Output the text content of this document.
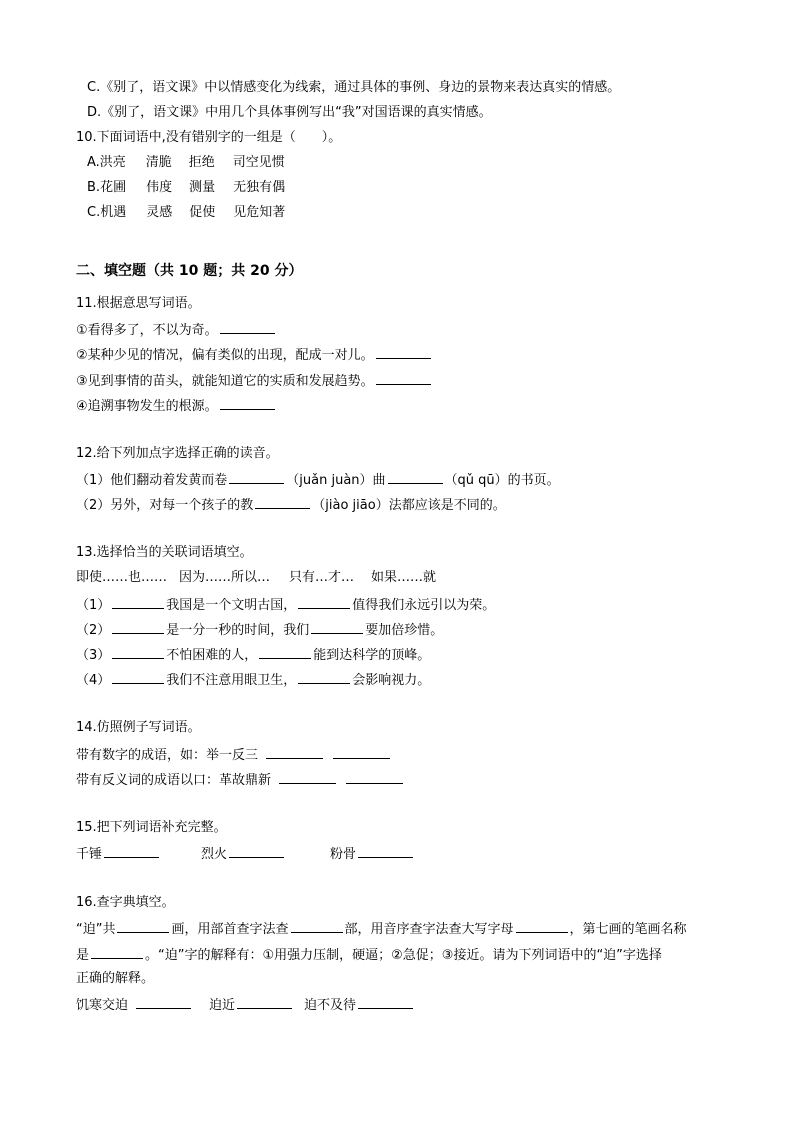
C.《别了，语文课》中以情感变化为线索，通过具体的事例、身边的景物来表达真实的情感。
D.《别了，语文课》中用几个具体事例写出“我”对国语课的真实情感。
10.下面词语中,没有错别字的一组是（　　）。
A.洪亮 清脆 拒绝 司空见惯
B.花圃 伟度 测量 无独有偶
C.机遇 灵感 促使 见危知著
二、填空题（共 10 题；共 20 分）
11.根据意思写词语。
①看得多了，不以为奇。
②某种少见的情况，偏有类似的出现，配成一对儿。
③见到事情的苗头，就能知道它的实质和发展趋势。
④追溯事物发生的根源。
12.给下列加点字选择正确的读音。
（1）他们翻动着发黄而卷	（juǎn juàn）曲	（qǔ qū）的书页。
（2）另外，对每一个孩子的教	（jiào jiāo）法都应该是不同的。
13.选择恰当的关联词语填空。
即使……也…… 因为……所以… 只有…才… 如果……就
（1）	我国是一个文明古国，	值得我们永远引以为荣。
（2）	是一分一秒的时间，我们	要加倍珍惜。
（3）	不怕困难的人，	能到达科学的顶峰。
（4）	我们不注意用眼卫生，	会影响视力。
14.仿照例子写词语。
带有数字的成语，如：举一反三
带有反义词的成语以口：革故鼎新
15.把下列词语补充完整。
千锤	烈火	粉骨
16.查字典填空。
“迫”共	画，用部首查字法查	部，用音序查字法查大写字母	，第七画的笔画名称
是	。“迫”字的解释有：①用强力压制，硬逼；②急促；③接近。请为下列词语中的“迫”字选择
正确的解释。
饥寒交迫	迫近	迫不及待
